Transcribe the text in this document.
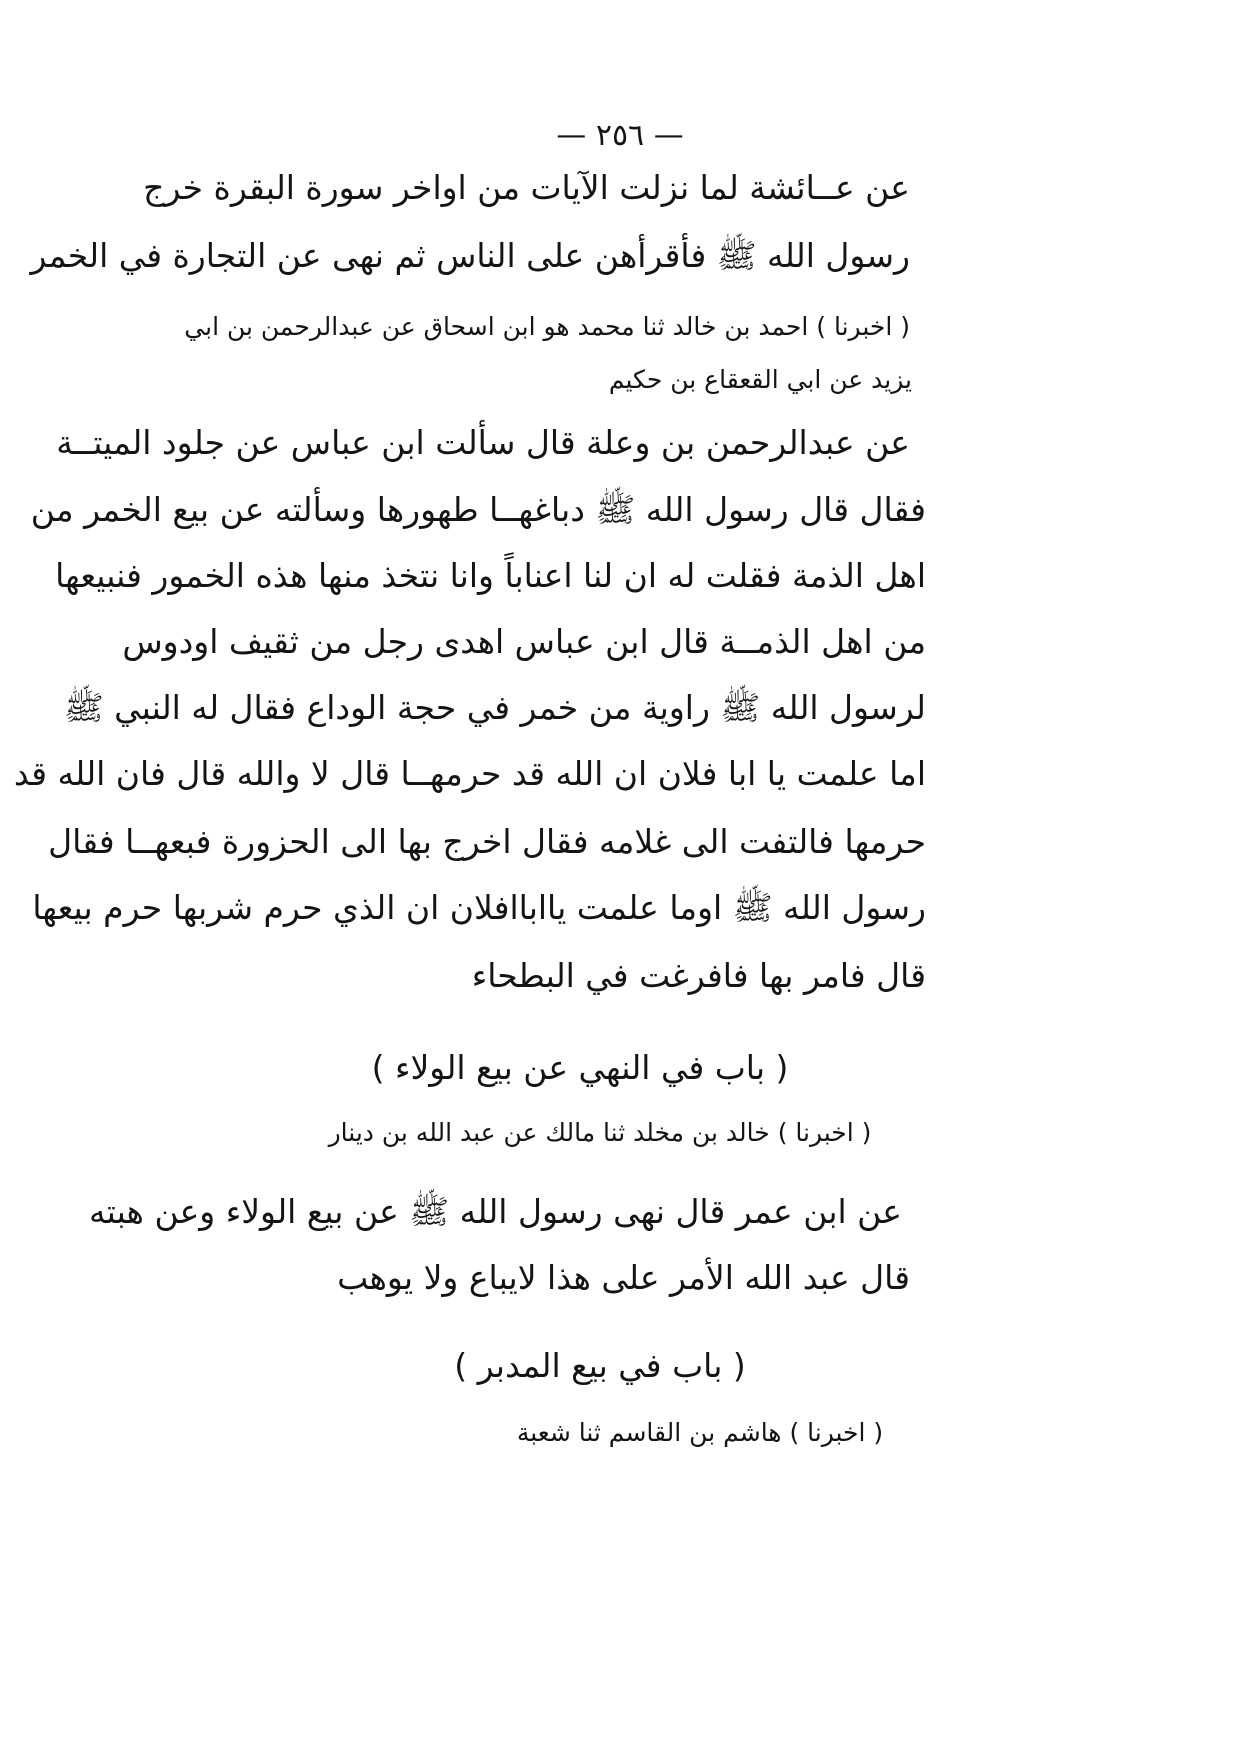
— ٢٥٦ —
عن عــائشة لما نزلت الآيات من اواخر سورة البقرة خرج
رسول الله ﷺ فأقرأهن على الناس ثم نهى عن التجارة في الخمر
( اخبرنا ) احمد بن خالد ثنا محمد هو ابن اسحاق عن عبدالرحمن بن ابي
يزيد عن ابي القعقاع بن حكيم
عن عبدالرحمن بن وعلة قال سألت ابن عباس عن جلود الميتــة
فقال قال رسول الله ﷺ دباغهــا طهورها وسألته عن بيع الخمر من
اهل الذمة فقلت له ان لنا اعناباً وانا نتخذ منها هذه الخمور فنبيعها
من اهل الذمــة قال ابن عباس اهدى رجل من ثقيف اودوس
لرسول الله ﷺ راوية من خمر في حجة الوداع فقال له النبي ﷺ
اما علمت يا ابا فلان ان الله قد حرمهــا قال لا والله قال فان الله قد
حرمها فالتفت الى غلامه فقال اخرج بها الى الحزورة فبعهــا فقال
رسول الله ﷺ اوما علمت يااباافلان ان الذي حرم شربها حرم بيعها
قال فامر بها فافرغت في البطحاء
( باب في النهي عن بيع الولاء )
( اخبرنا ) خالد بن مخلد ثنا مالك عن عبد الله بن دينار
عن ابن عمر قال نهى رسول الله ﷺ عن بيع الولاء وعن هبته
قال عبد الله الأمر على هذا لايباع ولا يوهب
( باب في بيع المدبر )
( اخبرنا ) هاشم بن القاسم ثنا شعبة
